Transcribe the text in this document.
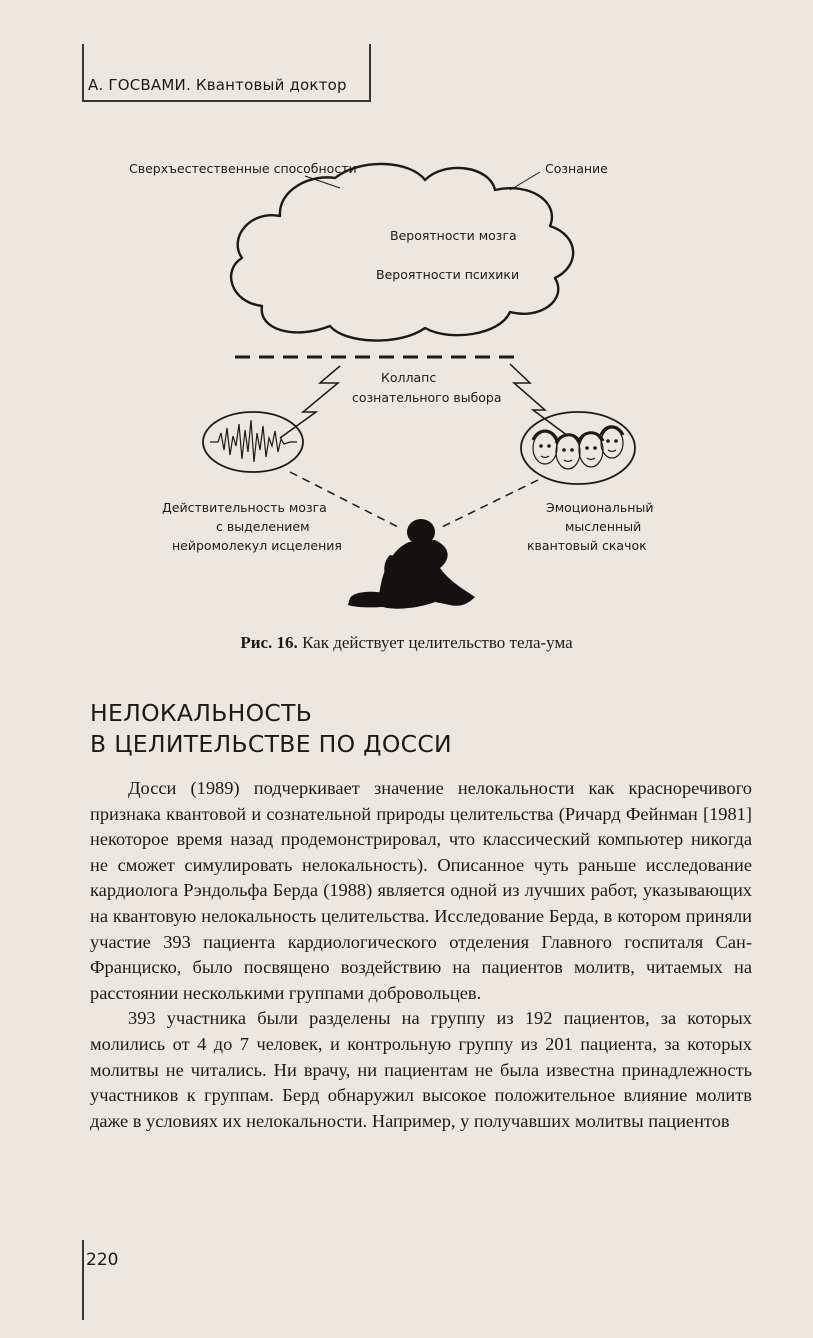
А. ГОСВАМИ. Квантовый доктор
Сверхъестественные способности	Сознание
Вероятности мозга
Вероятности психики
Коллапс
сознательного выбора
Действительность мозга
с выделением
нейромолекул исцеления
Эмоциональный
мысленный
квантовый скачок
Рис. 16. Как действует целительство тела-ума
НЕЛОКАЛЬНОСТЬ
В ЦЕЛИТЕЛЬСТВЕ ПО ДОССИ

Досси (1989) подчеркивает значение нелокальности как красноречивого признака квантовой и сознательной природы целительства (Ричард Фейнман [1981] некоторое время назад продемонстрировал, что классический компьютер никогда не сможет симулировать нелокальность). Описанное чуть раньше исследование кардиолога Рэндольфа Берда (1988) является одной из лучших работ, указывающих на квантовую нелокальность целительства. Исследование Берда, в котором приняли участие 393 пациента кардиологического отделения Главного госпиталя Сан-Франциско, было посвящено воздействию на пациентов молитв, читаемых на расстоянии несколькими группами добровольцев.

393 участника были разделены на группу из 192 пациентов, за которых молились от 4 до 7 человек, и контрольную группу из 201 пациента, за которых молитвы не читались. Ни врачу, ни пациентам не была известна принадлежность участников к группам. Берд обнаружил высокое положительное влияние молитв даже в условиях их нелокальности. Например, у получавших молитвы пациентов

220
